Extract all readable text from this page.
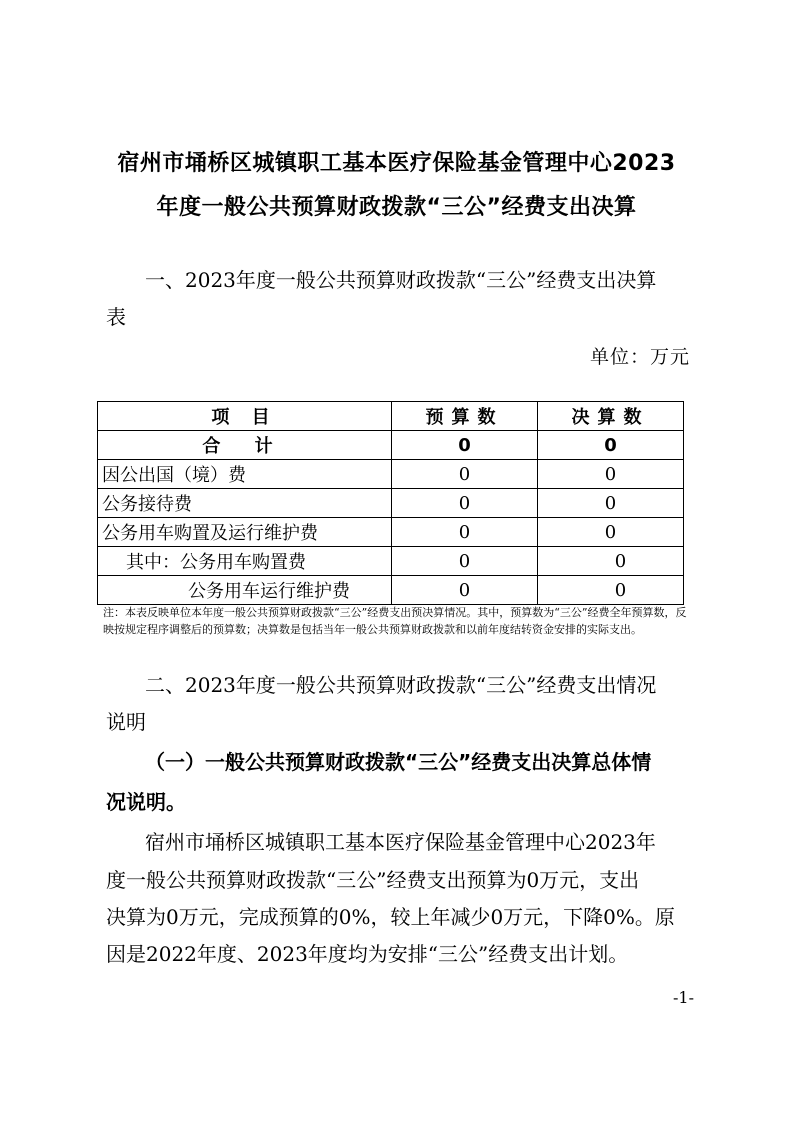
宿州市埇桥区城镇职工基本医疗保险基金管理中心2023
年度一般公共预算财政拨款“三公”经费支出决算
一、2023年度一般公共预算财政拨款“三公”经费支出决算
表
单位：万元
项 目	预算数	决算数
合 计	0	0
因公出国（境）费	0	0
公务接待费	0	0
公务用车购置及运行维护费	0	0
其中：公务用车购置费	0	0
公务用车运行维护费	0	0
注：本表反映单位本年度一般公共预算财政拨款“三公”经费支出预决算情况。其中，预算数为“三公”经费全年预算数，反映按规定程序调整后的预算数；决算数是包括当年一般公共预算财政拨款和以前年度结转资金安排的实际支出。
二、2023年度一般公共预算财政拨款“三公”经费支出情况
说明
（一）一般公共预算财政拨款“三公”经费支出决算总体情
况说明。
宿州市埇桥区城镇职工基本医疗保险基金管理中心2023年
度一般公共预算财政拨款“三公”经费支出预算为0万元，支出
决算为0万元，完成预算的0%，较上年减少0万元，下降0%。原
因是2022年度、2023年度均为安排“三公”经费支出计划。
-1-
